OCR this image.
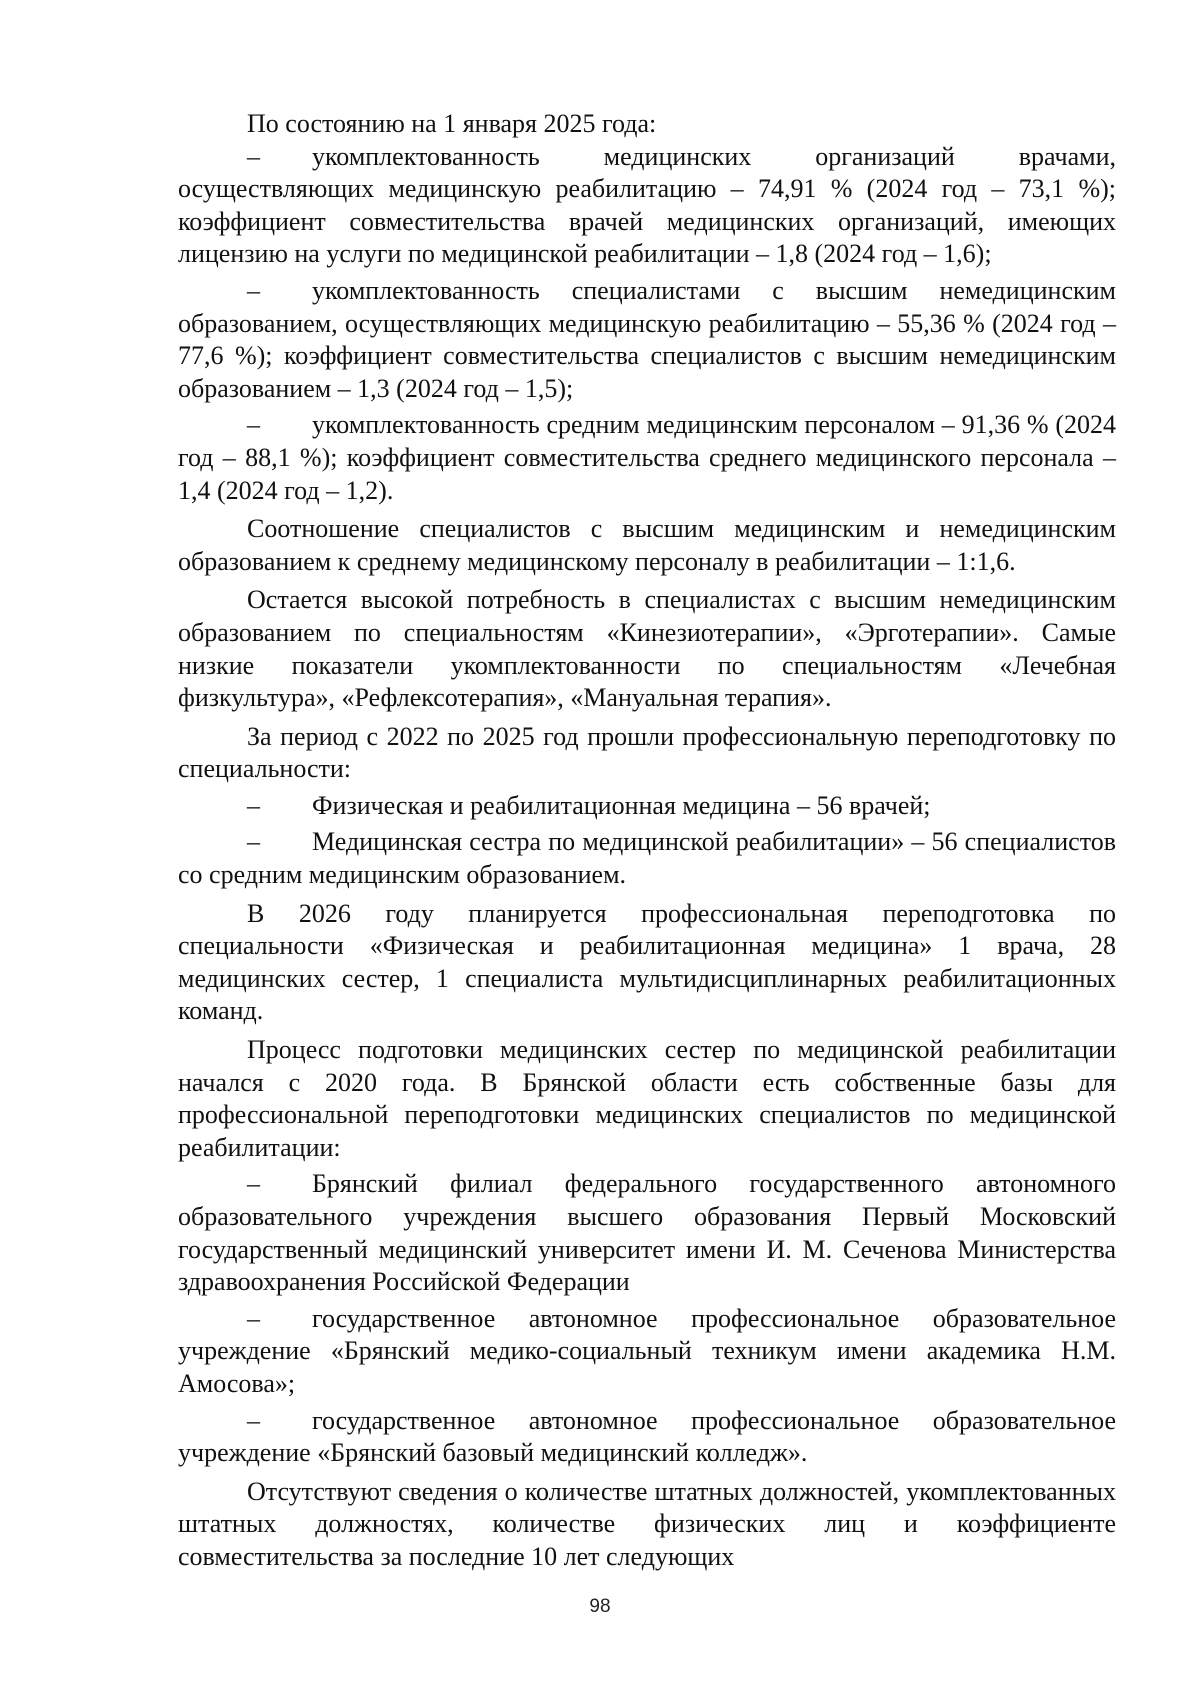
По состоянию на 1 января 2025 года:

–  укомплектованность медицинских организаций врачами, осуществляющих медицинскую реабилитацию – 74,91 % (2024 год – 73,1 %); коэффициент совместительства врачей медицинских организаций, имеющих лицензию на услуги по медицинской реабилитации – 1,8 (2024 год – 1,6);

–  укомплектованность специалистами с высшим немедицинским образованием, осуществляющих медицинскую реабилитацию – 55,36 % (2024 год – 77,6 %); коэффициент совместительства специалистов с высшим немедицинским образованием – 1,3 (2024 год – 1,5);

–  укомплектованность средним медицинским персоналом – 91,36 % (2024 год – 88,1 %); коэффициент совместительства среднего медицинского персонала – 1,4 (2024 год – 1,2).

Соотношение специалистов с высшим медицинским и немедицинским образованием к среднему медицинскому персоналу в реабилитации – 1:1,6.

Остается высокой потребность в специалистах с высшим немедицинским образованием по специальностям «Кинезиотерапии», «Эрготерапии». Самые низкие показатели укомплектованности по специальностям «Лечебная физкультура», «Рефлексотерапия», «Мануальная терапия».

За период с 2022 по 2025 год прошли профессиональную переподготовку по специальности:

–  Физическая и реабилитационная медицина – 56 врачей;

–  Медицинская сестра по медицинской реабилитации» – 56 специалистов со средним медицинским образованием.

В 2026 году планируется профессиональная переподготовка по специальности «Физическая и реабилитационная медицина» 1 врача, 28 медицинских сестер, 1 специалиста мультидисциплинарных реабилитационных команд.

Процесс подготовки медицинских сестер по медицинской реабилитации начался с 2020 года. В Брянской области есть собственные базы для профессиональной переподготовки медицинских специалистов по медицинской реабилитации:

–  Брянский филиал федерального государственного автономного образовательного учреждения высшего образования Первый Московский государственный медицинский университет имени И. М. Сеченова Министерства здравоохранения Российской Федерации

–  государственное автономное профессиональное образовательное учреждение «Брянский медико-социальный техникум имени академика Н.М. Амосова»;

–  государственное автономное профессиональное образовательное учреждение «Брянский базовый медицинский колледж».

Отсутствуют сведения о количестве штатных должностей, укомплектованных штатных должностях, количестве физических лиц и коэффициенте совместительства за последние 10 лет следующих

98
